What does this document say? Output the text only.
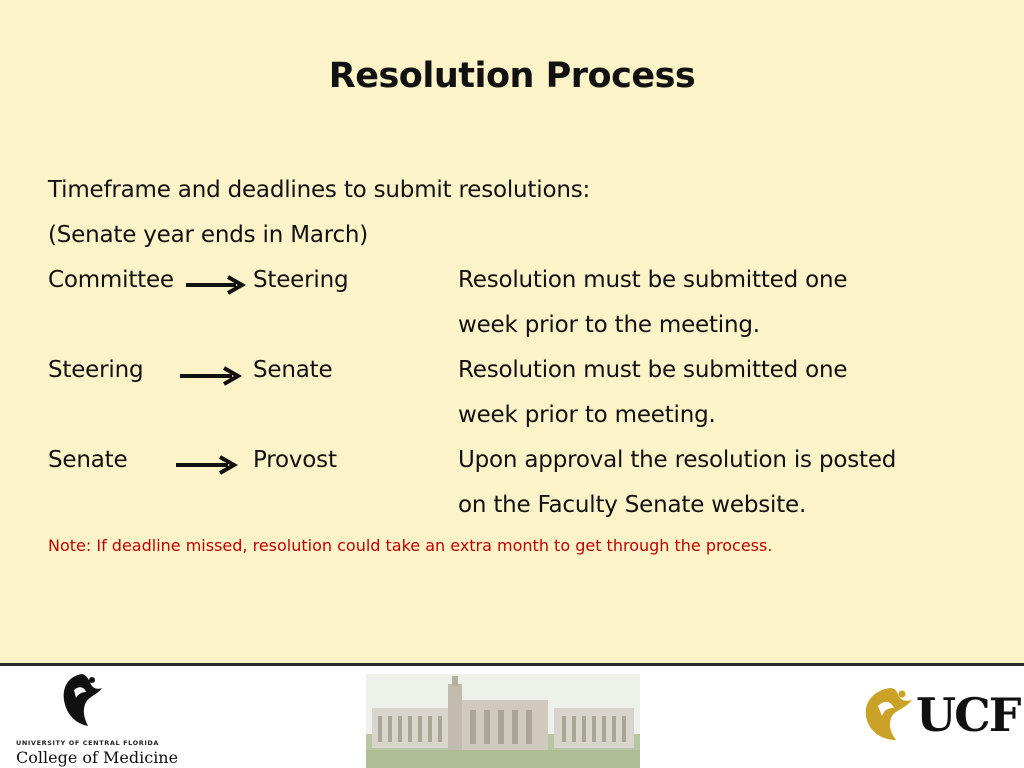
Resolution Process
Timeframe and deadlines to submit resolutions:
(Senate year ends in March)
Committee	Steering	Resolution must be submitted one
week prior to the meeting.
Steering	Senate	Resolution must be submitted one
week prior to meeting.
Senate	Provost	Upon approval the resolution is posted
on the Faculty Senate website.
Note: If deadline missed, resolution could take an extra month to get through the process.
UNIVERSITY OF CENTRAL FLORIDA
College of Medicine
UCF
